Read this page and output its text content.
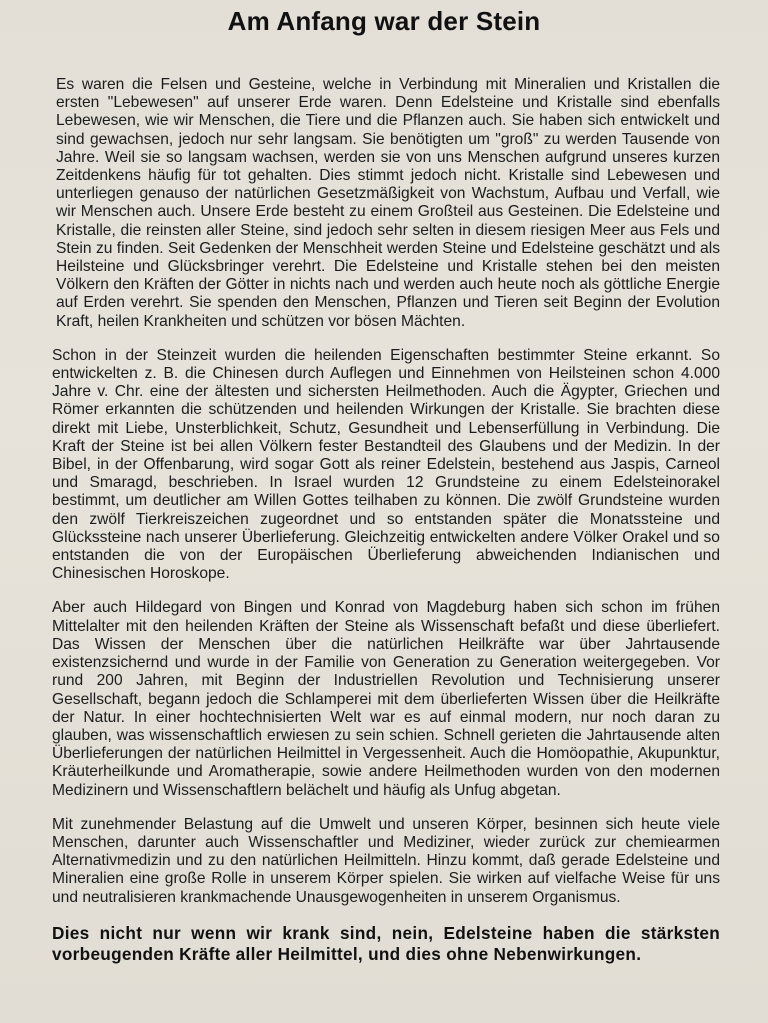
Am Anfang war der Stein

Es waren die Felsen und Gesteine, welche in Verbindung mit Mineralien und Kristallen die ersten "Lebewesen" auf unserer Erde waren. Denn Edelsteine und Kristalle sind ebenfalls Lebewesen, wie wir Menschen, die Tiere und die Pflanzen auch. Sie haben sich entwickelt und sind gewachsen, jedoch nur sehr langsam. Sie benötigten um "groß" zu werden Tausende von Jahre. Weil sie so langsam wachsen, werden sie von uns Menschen aufgrund unseres kurzen Zeitdenkens häufig für tot gehalten. Dies stimmt jedoch nicht. Kristalle sind Lebewesen und unterliegen genauso der natürlichen Gesetzmäßigkeit von Wachstum, Aufbau und Verfall, wie wir Menschen auch. Unsere Erde besteht zu einem Großteil aus Gesteinen. Die Edelsteine und Kristalle, die reinsten aller Steine, sind jedoch sehr selten in diesem riesigen Meer aus Fels und Stein zu finden. Seit Gedenken der Menschheit werden Steine und Edelsteine geschätzt und als Heilsteine und Glücksbringer verehrt. Die Edelsteine und Kristalle stehen bei den meisten Völkern den Kräften der Götter in nichts nach und werden auch heute noch als göttliche Energie auf Erden verehrt. Sie spenden den Menschen, Pflanzen und Tieren seit Beginn der Evolution Kraft, heilen Krankheiten und schützen vor bösen Mächten.

Schon in der Steinzeit wurden die heilenden Eigenschaften bestimmter Steine erkannt. So entwickelten z. B. die Chinesen durch Auflegen und Einnehmen von Heilsteinen schon 4.000 Jahre v. Chr. eine der ältesten und sichersten Heilmethoden. Auch die Ägypter, Griechen und Römer erkannten die schützenden und heilenden Wirkungen der Kristalle. Sie brachten diese direkt mit Liebe, Unsterblichkeit, Schutz, Gesundheit und Lebenserfüllung in Verbindung. Die Kraft der Steine ist bei allen Völkern fester Bestandteil des Glaubens und der Medizin. In der Bibel, in der Offenbarung, wird sogar Gott als reiner Edelstein, bestehend aus Jaspis, Carneol und Smaragd, beschrieben. In Israel wurden 12 Grundsteine zu einem Edelsteinorakel bestimmt, um deutlicher am Willen Gottes teilhaben zu können. Die zwölf Grundsteine wurden den zwölf Tierkreiszeichen zugeordnet und so entstanden später die Monatssteine und Glückssteine nach unserer Überlieferung. Gleichzeitig entwickelten andere Völker Orakel und so entstanden die von der Europäischen Überlieferung abweichenden Indianischen und Chinesischen Horoskope.

Aber auch Hildegard von Bingen und Konrad von Magdeburg haben sich schon im frühen Mittelalter mit den heilenden Kräften der Steine als Wissenschaft befaßt und diese überliefert. Das Wissen der Menschen über die natürlichen Heilkräfte war über Jahrtausende existenzsichernd und wurde in der Familie von Generation zu Generation weitergegeben. Vor rund 200 Jahren, mit Beginn der Industriellen Revolution und Technisierung unserer Gesellschaft, begann jedoch die Schlamperei mit dem überlieferten Wissen über die Heilkräfte der Natur. In einer hochtechnisierten Welt war es auf einmal modern, nur noch daran zu glauben, was wissenschaftlich erwiesen zu sein schien. Schnell gerieten die Jahrtausende alten Überlieferungen der natürlichen Heilmittel in Vergessenheit. Auch die Homöopathie, Akupunktur, Kräuterheilkunde und Aromatherapie, sowie andere Heilmethoden wurden von den modernen Medizinern und Wissenschaftlern belächelt und häufig als Unfug abgetan.

Mit zunehmender Belastung auf die Umwelt und unseren Körper, besinnen sich heute viele Menschen, darunter auch Wissenschaftler und Mediziner, wieder zurück zur chemiearmen Alternativmedizin und zu den natürlichen Heilmitteln. Hinzu kommt, daß gerade Edelsteine und Mineralien eine große Rolle in unserem Körper spielen. Sie wirken auf vielfache Weise für uns und neutralisieren krankmachende Unausgewogenheiten in unserem Organismus.

Dies nicht nur wenn wir krank sind, nein, Edelsteine haben die stärksten vorbeugenden Kräfte aller Heilmittel, und dies ohne Nebenwirkungen.
